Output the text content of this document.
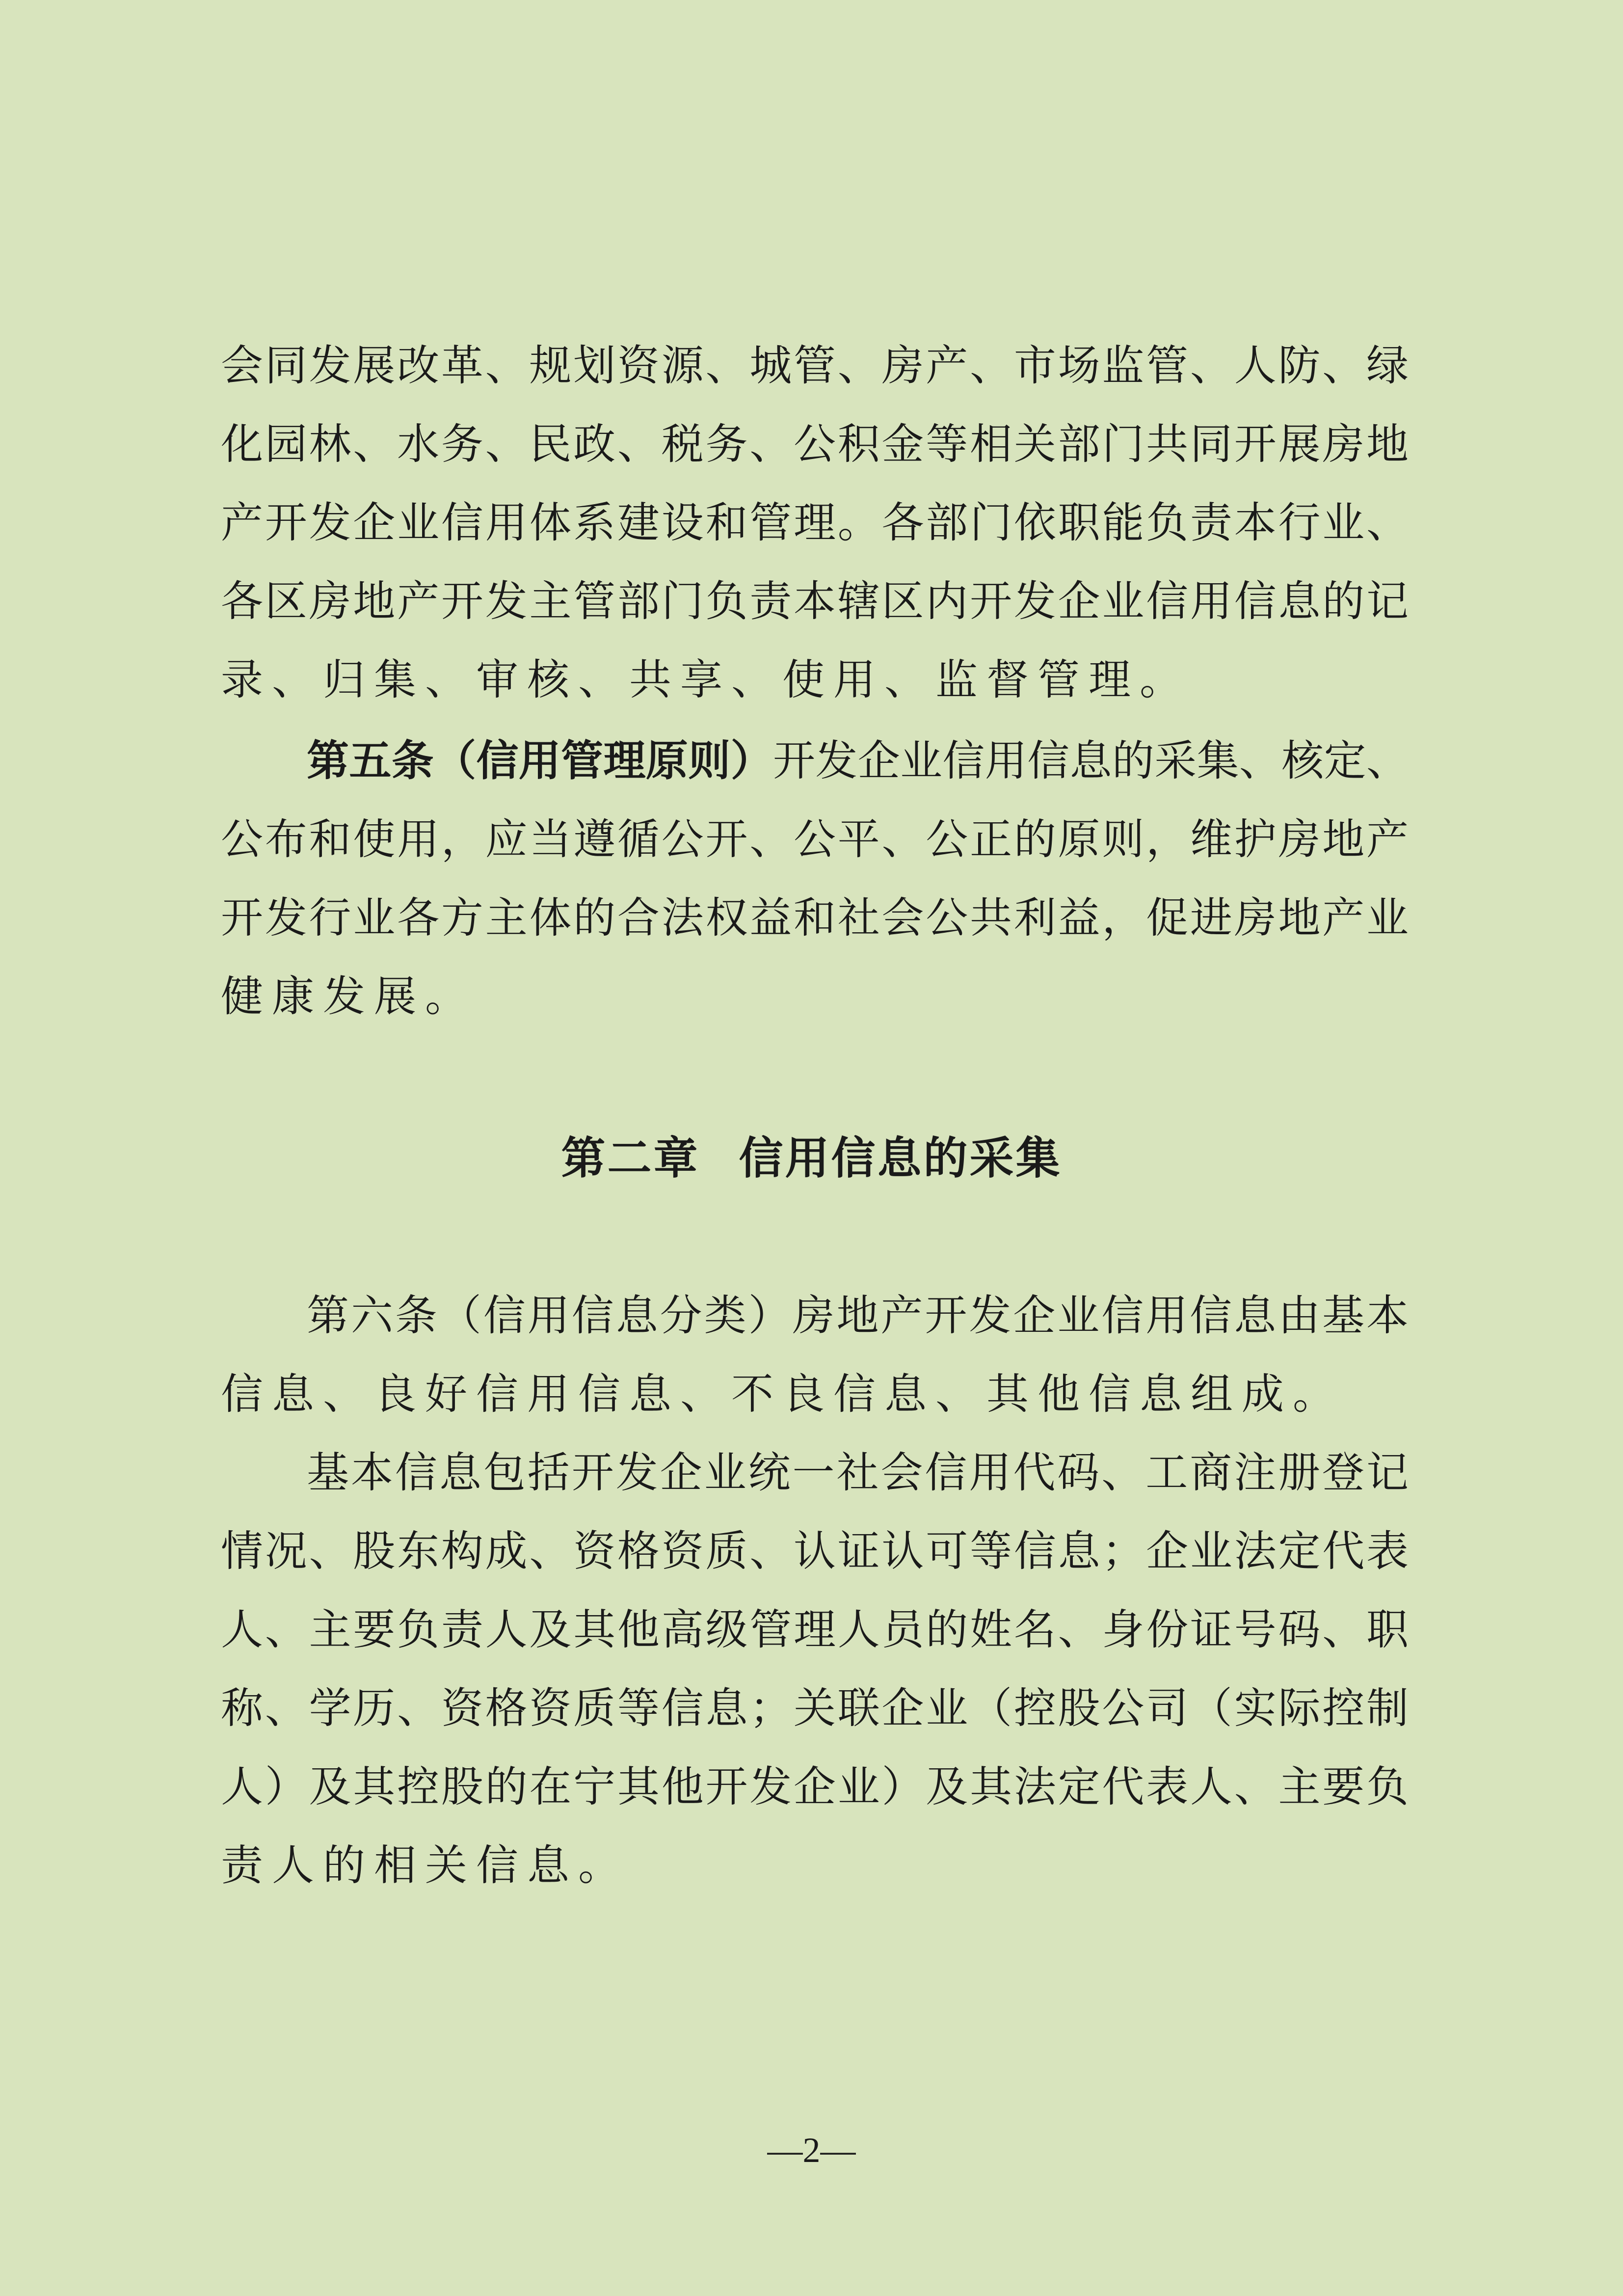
会同发展改革、规划资源、城管、房产、市场监管、人防、绿
化园林、水务、民政、税务、公积金等相关部门共同开展房地
产开发企业信用体系建设和管理。各部门依职能负责本行业、
各区房地产开发主管部门负责本辖区内开发企业信用信息的记
录、归集、审核、共享、使用、监督管理。
第五条（信用管理原则）开发企业信用信息的采集、核定、
公布和使用，应当遵循公开、公平、公正的原则，维护房地产
开发行业各方主体的合法权益和社会公共利益，促进房地产业
健康发展。
第二章 信用信息的采集
第六条（信用信息分类）房地产开发企业信用信息由基本
信息、良好信用信息、不良信息、其他信息组成。
基本信息包括开发企业统一社会信用代码、工商注册登记
情况、股东构成、资格资质、认证认可等信息；企业法定代表
人、主要负责人及其他高级管理人员的姓名、身份证号码、职
称、学历、资格资质等信息；关联企业（控股公司（实际控制
人）及其控股的在宁其他开发企业）及其法定代表人、主要负
责人的相关信息。
—2—
